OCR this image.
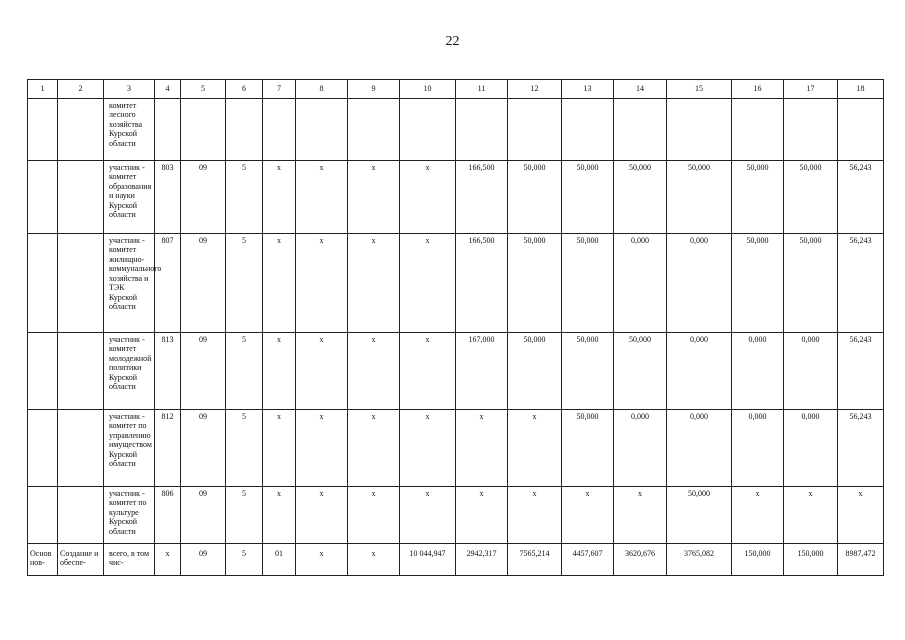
22
1	2	3	4	5	6	7	8	9	10	11	12	13	14	15	16	17	18
		комитет лесного хозяйства Курской области															
		участник - комитет образования и науки Курской области	803	09	5	x	x	x	x	166,500	50,000	50,000	50,000	50,000	50,000	50,000	56,243
		участник - комитет жилищно-коммунального хозяйства и ТЭК Курской области	807	09	5	x	x	x	x	166,500	50,000	50,000	0,000	0,000	50,000	50,000	56,243
		участник - комитет молодежной политики Курской области	813	09	5	x	x	x	x	167,000	50,000	50,000	50,000	0,000	0,000	0,000	56,243
		участник - комитет по управлению имуществом Курской области	812	09	5	x	x	x	x	x	x	50,000	0,000	0,000	0,000	0,000	56,243
		участник - комитет по культуре Курской области	806	09	5	x	x	x	x	x	x	x	x	50,000	x	x	x
Основ нов-	Создание и обеспе-	всего, в том чис-	x	09	5	01	x	x	10 044,947	2942,317	7565,214	4457,607	3620,676	3765,082	150,000	150,000	8987,472
